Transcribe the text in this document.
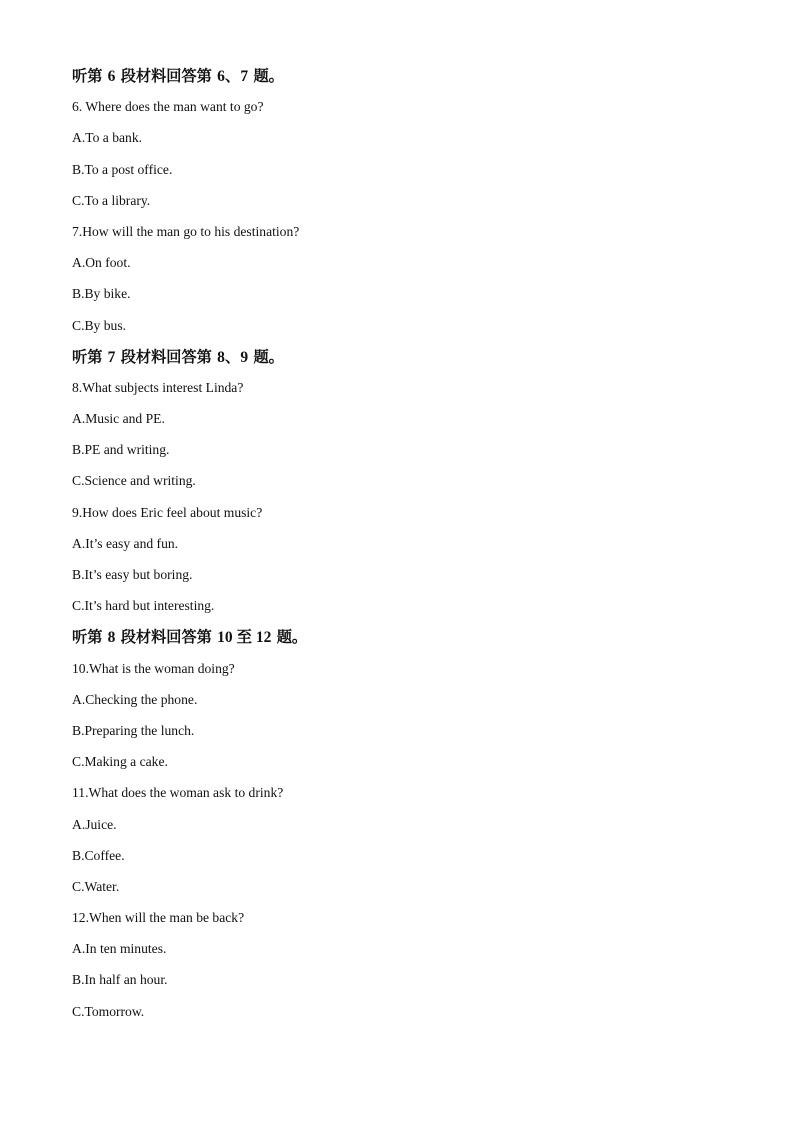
听第 6 段材料回答第 6、7 题。
6. Where does the man want to go?
A.To a bank.
B.To a post office.
C.To a library.
7.How will the man go to his destination?
A.On foot.
B.By bike.
C.By bus.
听第 7 段材料回答第 8、9 题。
8.What subjects interest Linda?
A.Music and PE.
B.PE and writing.
C.Science and writing.
9.How does Eric feel about music?
A.It’s easy and fun.
B.It’s easy but boring.
C.It’s hard but interesting.
听第 8 段材料回答第 10 至 12 题。
10.What is the woman doing?
A.Checking the phone.
B.Preparing the lunch.
C.Making a cake.
11.What does the woman ask to drink?
A.Juice.
B.Coffee.
C.Water.
12.When will the man be back?
A.In ten minutes.
B.In half an hour.
C.Tomorrow.
